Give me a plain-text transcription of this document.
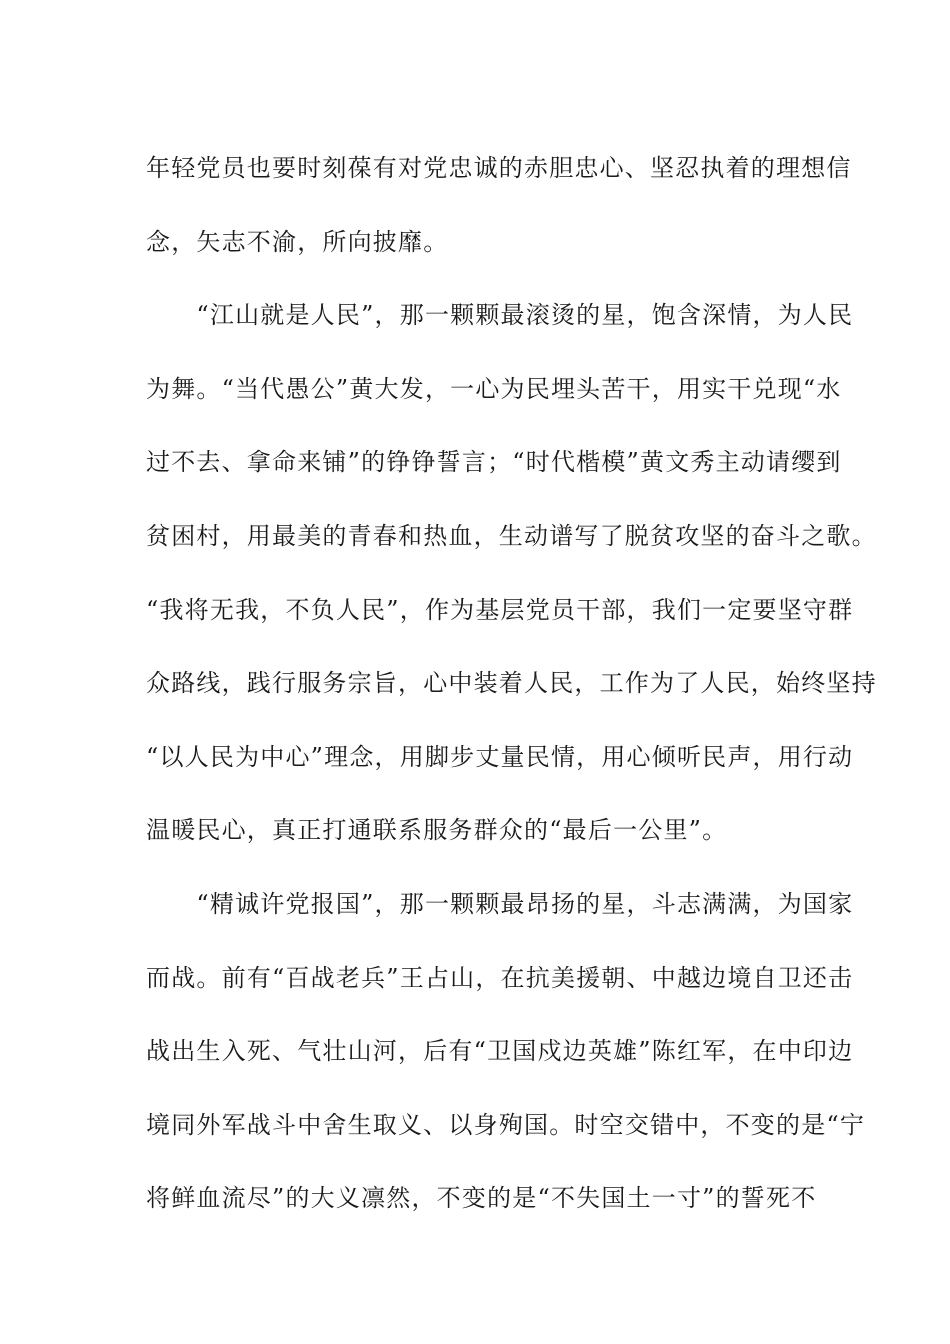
年轻党员也要时刻葆有对党忠诚的赤胆忠心、坚忍执着的理想信
念，矢志不渝，所向披靡。
　　“江山就是人民”，那一颗颗最滚烫的星，饱含深情，为人民
为舞。“当代愚公”黄大发，一心为民埋头苦干，用实干兑现“水
过不去、拿命来铺”的铮铮誓言；“时代楷模”黄文秀主动请缨到
贫困村，用最美的青春和热血，生动谱写了脱贫攻坚的奋斗之歌。
“我将无我，不负人民”，作为基层党员干部，我们一定要坚守群
众路线，践行服务宗旨，心中装着人民，工作为了人民，始终坚持
“以人民为中心”理念，用脚步丈量民情，用心倾听民声，用行动
温暖民心，真正打通联系服务群众的“最后一公里”。
　　“精诚许党报国”，那一颗颗最昂扬的星，斗志满满，为国家
而战。前有“百战老兵”王占山，在抗美援朝、中越边境自卫还击
战出生入死、气壮山河，后有“卫国戍边英雄”陈红军，在中印边
境同外军战斗中舍生取义、以身殉国。时空交错中，不变的是“宁
将鲜血流尽”的大义凛然，不变的是“不失国土一寸”的誓死不
